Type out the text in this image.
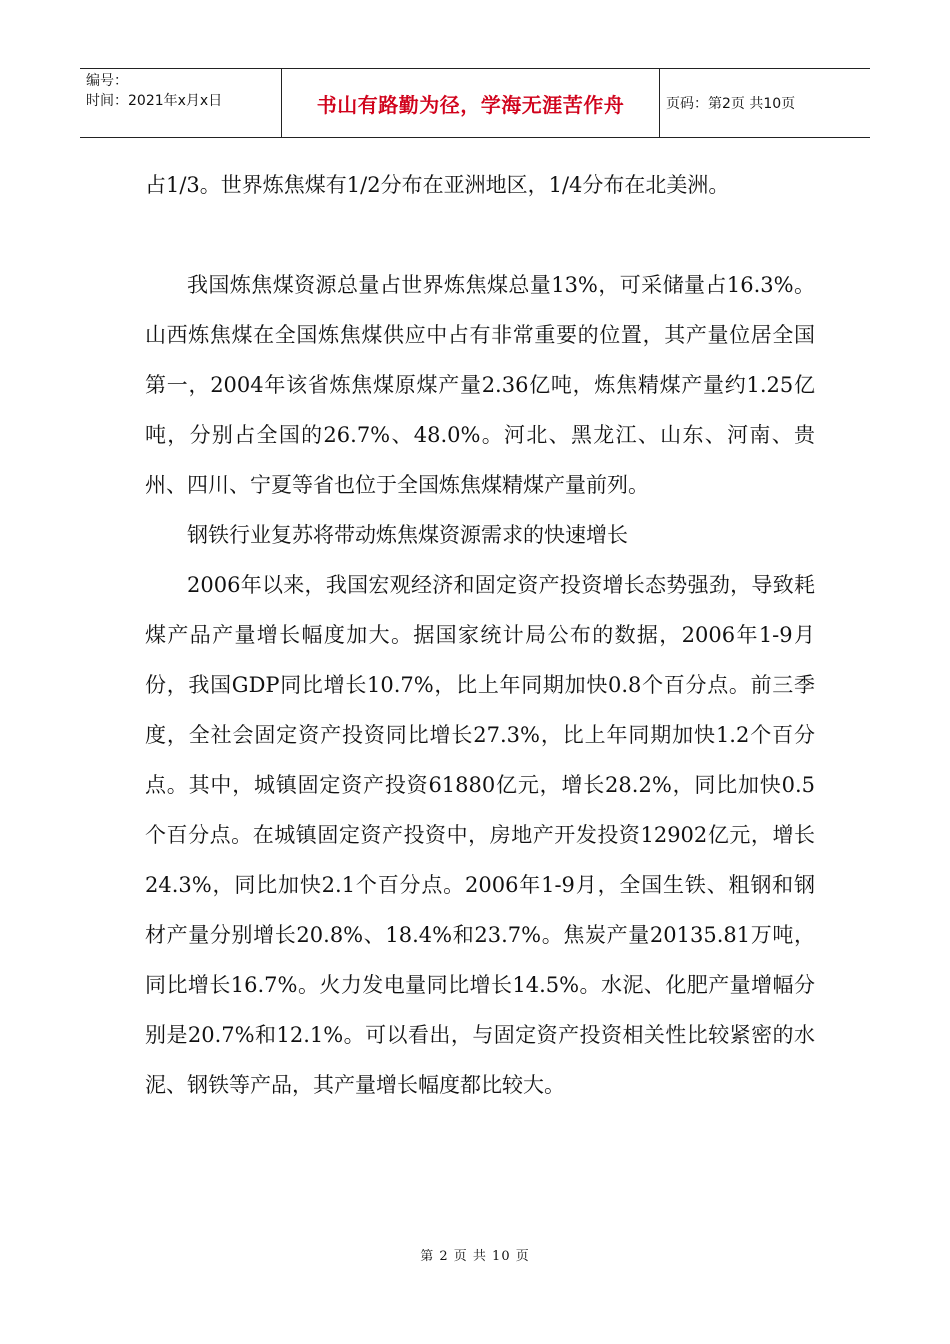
编号：
时间：2021年x月x日	书山有路勤为径，学海无涯苦作舟	页码：第2页 共10页

占1/3。世界炼焦煤有1/2分布在亚洲地区，1/4分布在北美洲。

我国炼焦煤资源总量占世界炼焦煤总量13%，可采储量占16.3%。山西炼焦煤在全国炼焦煤供应中占有非常重要的位置，其产量位居全国第一，2004年该省炼焦煤原煤产量2.36亿吨，炼焦精煤产量约1.25亿吨，分别占全国的26.7%、48.0%。河北、黑龙江、山东、河南、贵州、四川、宁夏等省也位于全国炼焦煤精煤产量前列。

钢铁行业复苏将带动炼焦煤资源需求的快速增长

2006年以来，我国宏观经济和固定资产投资增长态势强劲，导致耗煤产品产量增长幅度加大。据国家统计局公布的数据，2006年1-9月份，我国GDP同比增长10.7%，比上年同期加快0.8个百分点。前三季度，全社会固定资产投资同比增长27.3%，比上年同期加快1.2个百分点。其中，城镇固定资产投资61880亿元，增长28.2%，同比加快0.5个百分点。在城镇固定资产投资中，房地产开发投资12902亿元，增长24.3%，同比加快2.1个百分点。2006年1-9月，全国生铁、粗钢和钢材产量分别增长20.8%、18.4%和23.7%。焦炭产量20135.81万吨，同比增长16.7%。火力发电量同比增长14.5%。水泥、化肥产量增幅分别是20.7%和12.1%。可以看出，与固定资产投资相关性比较紧密的水泥、钢铁等产品，其产量增长幅度都比较大。

第 2 页 共 10 页
